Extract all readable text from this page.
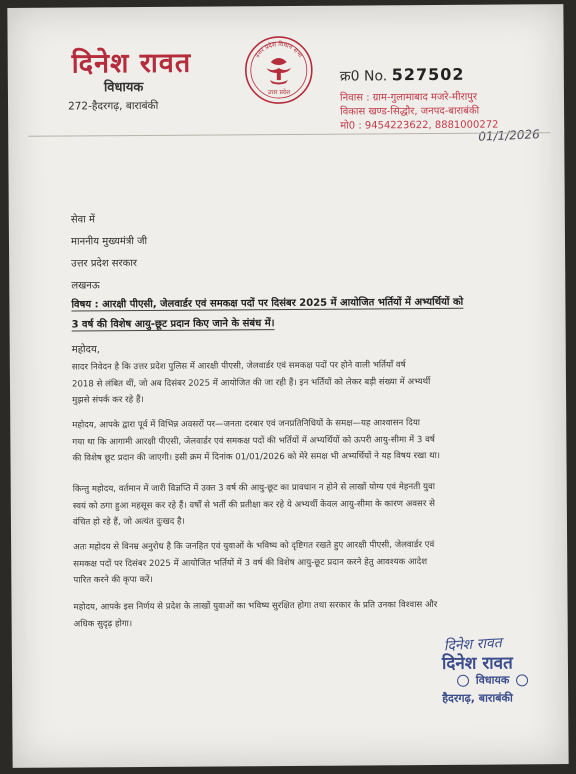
दिनेश रावत
विधायक
272-हैदरगढ़, बाराबंकी
उत्तर प्रदेश विधान सभा
उत्तर प्रदेश
क्र0 No. 527502
निवास : ग्राम-गुलामाबाद मजरे-मीरापुर
विकास खण्ड-सिद्धौर, जनपद-बाराबंकी
मो0 : 9454223622, 8881000272
01/1/2026
सेवा में
माननीय मुख्यमंत्री जी
उत्तर प्रदेश सरकार
लखनऊ
विषय : आरक्षी पीएसी, जेलवार्डर एवं समकक्ष पदों पर दिसंबर 2025 में आयोजित भर्तियों में अभ्यर्थियों को
3 वर्ष की विशेष आयु-छूट प्रदान किए जाने के संबंध में।
महोदय,
सादर निवेदन है कि उत्तर प्रदेश पुलिस में आरक्षी पीएसी, जेलवार्डर एवं समकक्ष पदों पर होने वाली भर्तियाँ वर्ष
2018 से लंबित थीं, जो अब दिसंबर 2025 में आयोजित की जा रही हैं। इन भर्तियों को लेकर बड़ी संख्या में अभ्यर्थी
मुझसे संपर्क कर रहे हैं।
महोदय, आपके द्वारा पूर्व में विभिन्न अवसरों पर—जनता दरबार एवं जनप्रतिनिधियों के समक्ष—यह आश्वासन दिया
गया था कि आगामी आरक्षी पीएसी, जेलवार्डर एवं समकक्ष पदों की भर्तियों में अभ्यर्थियों को ऊपरी आयु-सीमा में 3 वर्ष
की विशेष छूट प्रदान की जाएगी। इसी क्रम में दिनांक 01/01/2026 को मेरे समक्ष भी अभ्यर्थियों ने यह विषय रखा था।
किन्तु महोदय, वर्तमान में जारी विज्ञप्ति में उक्त 3 वर्ष की आयु-छूट का प्रावधान न होने से लाखों योग्य एवं मेहनती युवा
स्वयं को ठगा हुआ महसूस कर रहे हैं। वर्षों से भर्ती की प्रतीक्षा कर रहे ये अभ्यर्थी केवल आयु-सीमा के कारण अवसर से
वंचित हो रहे हैं, जो अत्यंत दुःखद है।
अतः महोदय से विनम्र अनुरोध है कि जनहित एवं युवाओं के भविष्य को दृष्टिगत रखते हुए आरक्षी पीएसी, जेलवार्डर एवं
समकक्ष पदों पर दिसंबर 2025 में आयोजित भर्तियों में 3 वर्ष की विशेष आयु-छूट प्रदान करने हेतु आवश्यक आदेश
पारित करने की कृपा करें।
महोदय, आपके इस निर्णय से प्रदेश के लाखों युवाओं का भविष्य सुरक्षित होगा तथा सरकार के प्रति उनका विश्वास और
अधिक सुदृढ़ होगा।
दिनेश रावत
दिनेश रावत
विधायक
हैदरगढ़, बाराबंकी
